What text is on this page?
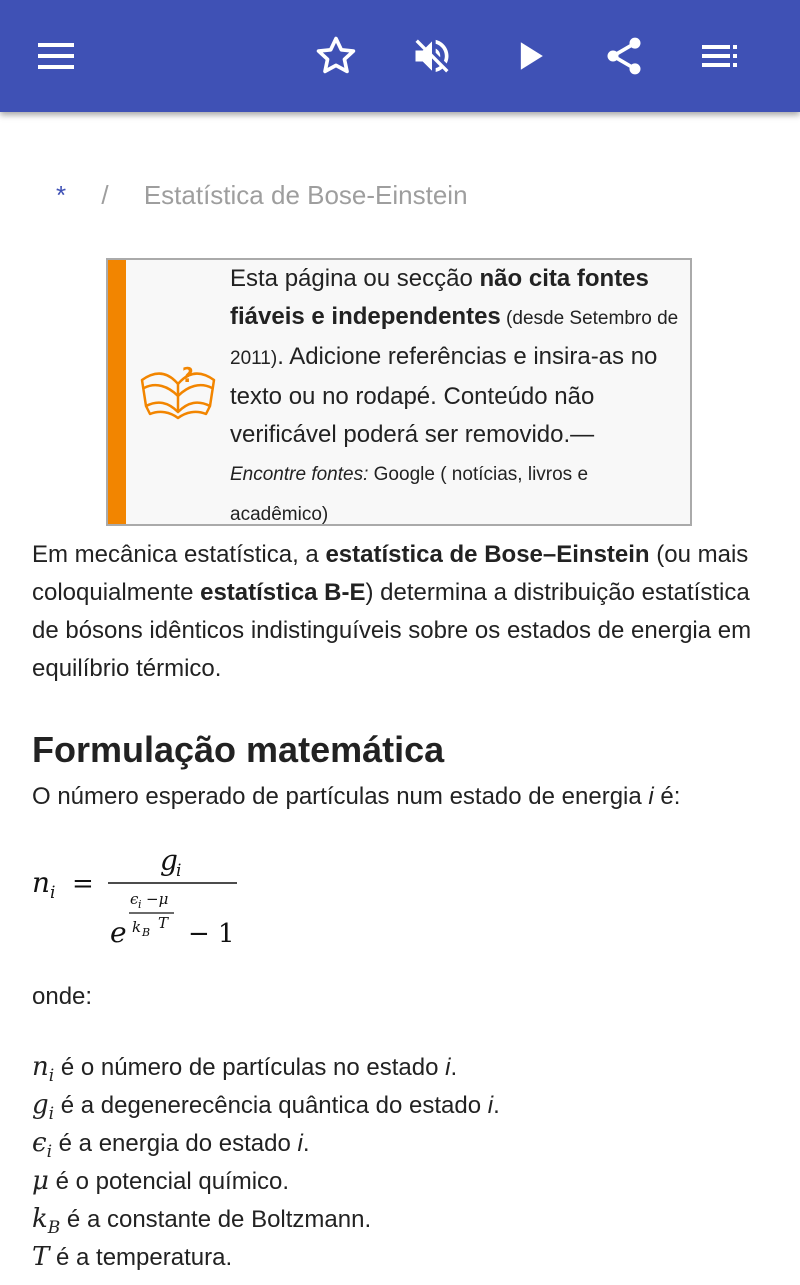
* / Estatística de Bose-Einstein
?
Esta página ou secção não cita fontes fiáveis e independentes (desde Setembro de 2011). Adicione referências e insira-as no texto ou no rodapé. Conteúdo não verificável poderá ser removido.—
Encontre fontes: Google ( notícias, livros e acadêmico)
Em mecânica estatística, a estatística de Bose–Einstein (ou mais coloquialmente estatística B-E) determina a distribuição estatística de bósons idênticos indistinguíveis sobre os estados de energia em equilíbrio térmico.
Formulação matemática
O número esperado de partículas num estado de energia i é:
n i =
g
i
e
ϵ i −μ
k B
T − 1
onde:
$n_i$ é o número de partículas no estado i.
$g_i$ é a degenerecência quântica do estado i.
$\epsilon_i$ é a energia do estado i.
μ é o potencial químico.
$k_B$ é a constante de Boltzmann.
T é a temperatura.
